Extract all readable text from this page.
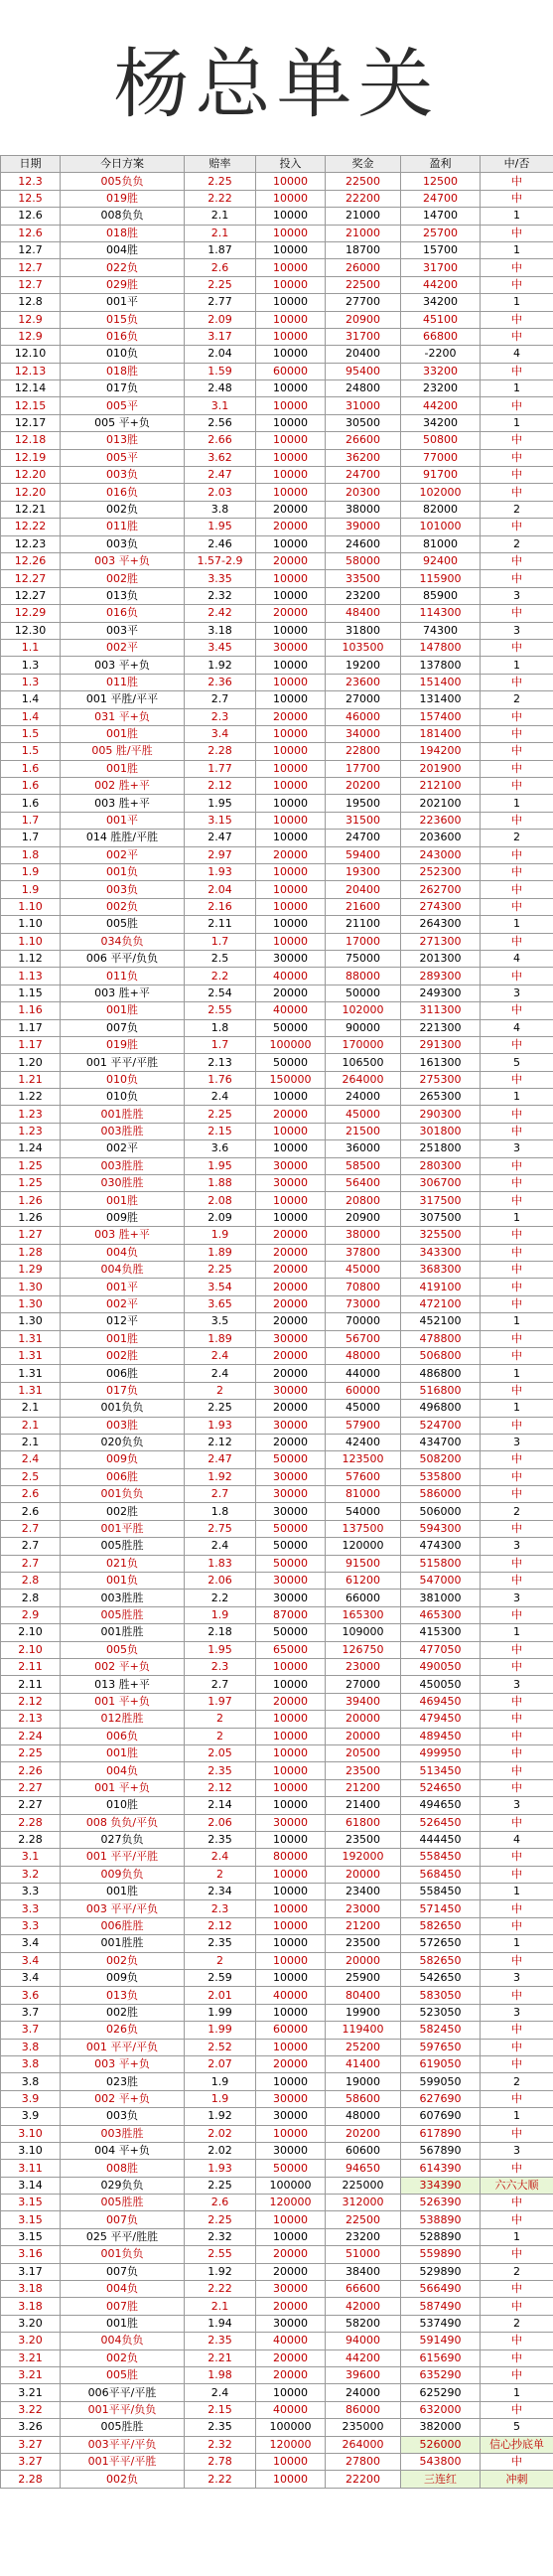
杨总单关
日期	今日方案	赔率	投入	奖金	盈利	中/否
12.3	005负负	2.25	10000	22500	12500	中
12.5	019胜	2.22	10000	22200	24700	中
12.6	008负负	2.1	10000	21000	14700	1
12.6	018胜	2.1	10000	21000	25700	中
12.7	004胜	1.87	10000	18700	15700	1
12.7	022负	2.6	10000	26000	31700	中
12.7	029胜	2.25	10000	22500	44200	中
12.8	001平	2.77	10000	27700	34200	1
12.9	015负	2.09	10000	20900	45100	中
12.9	016负	3.17	10000	31700	66800	中
12.10	010负	2.04	10000	20400	-2200	4
12.13	018胜	1.59	60000	95400	33200	中
12.14	017负	2.48	10000	24800	23200	1
12.15	005平	3.1	10000	31000	44200	中
12.17	005 平+负	2.56	10000	30500	34200	1
12.18	013胜	2.66	10000	26600	50800	中
12.19	005平	3.62	10000	36200	77000	中
12.20	003负	2.47	10000	24700	91700	中
12.20	016负	2.03	10000	20300	102000	中
12.21	002负	3.8	20000	38000	82000	2
12.22	011胜	1.95	20000	39000	101000	中
12.23	003负	2.46	10000	24600	81000	2
12.26	003 平+负	1.57-2.9	20000	58000	92400	中
12.27	002胜	3.35	10000	33500	115900	中
12.27	013负	2.32	10000	23200	85900	3
12.29	016负	2.42	20000	48400	114300	中
12.30	003平	3.18	10000	31800	74300	3
1.1	002平	3.45	30000	103500	147800	中
1.3	003 平+负	1.92	10000	19200	137800	1
1.3	011胜	2.36	10000	23600	151400	中
1.4	001 平胜/平平	2.7	10000	27000	131400	2
1.4	031 平+负	2.3	20000	46000	157400	中
1.5	001胜	3.4	10000	34000	181400	中
1.5	005 胜/平胜	2.28	10000	22800	194200	中
1.6	001胜	1.77	10000	17700	201900	中
1.6	002 胜+平	2.12	10000	20200	212100	中
1.6	003 胜+平	1.95	10000	19500	202100	1
1.7	001平	3.15	10000	31500	223600	中
1.7	014 胜胜/平胜	2.47	10000	24700	203600	2
1.8	002平	2.97	20000	59400	243000	中
1.9	001负	1.93	10000	19300	252300	中
1.9	003负	2.04	10000	20400	262700	中
1.10	002负	2.16	10000	21600	274300	中
1.10	005胜	2.11	10000	21100	264300	1
1.10	034负负	1.7	10000	17000	271300	中
1.12	006 平平/负负	2.5	30000	75000	201300	4
1.13	011负	2.2	40000	88000	289300	中
1.15	003 胜+平	2.54	20000	50000	249300	3
1.16	001胜	2.55	40000	102000	311300	中
1.17	007负	1.8	50000	90000	221300	4
1.17	019胜	1.7	100000	170000	291300	中
1.20	001 平平/平胜	2.13	50000	106500	161300	5
1.21	010负	1.76	150000	264000	275300	中
1.22	010负	2.4	10000	24000	265300	1
1.23	001胜胜	2.25	20000	45000	290300	中
1.23	003胜胜	2.15	10000	21500	301800	中
1.24	002平	3.6	10000	36000	251800	3
1.25	003胜胜	1.95	30000	58500	280300	中
1.25	030胜胜	1.88	30000	56400	306700	中
1.26	001胜	2.08	10000	20800	317500	中
1.26	009胜	2.09	10000	20900	307500	1
1.27	003 胜+平	1.9	20000	38000	325500	中
1.28	004负	1.89	20000	37800	343300	中
1.29	004负胜	2.25	20000	45000	368300	中
1.30	001平	3.54	20000	70800	419100	中
1.30	002平	3.65	20000	73000	472100	中
1.30	012平	3.5	20000	70000	452100	1
1.31	001胜	1.89	30000	56700	478800	中
1.31	002胜	2.4	20000	48000	506800	中
1.31	006胜	2.4	20000	44000	486800	1
1.31	017负	2	30000	60000	516800	中
2.1	001负负	2.25	20000	45000	496800	1
2.1	003胜	1.93	30000	57900	524700	中
2.1	020负负	2.12	20000	42400	434700	3
2.4	009负	2.47	50000	123500	508200	中
2.5	006胜	1.92	30000	57600	535800	中
2.6	001负负	2.7	30000	81000	586000	中
2.6	002胜	1.8	30000	54000	506000	2
2.7	001平胜	2.75	50000	137500	594300	中
2.7	005胜胜	2.4	50000	120000	474300	3
2.7	021负	1.83	50000	91500	515800	中
2.8	001负	2.06	30000	61200	547000	中
2.8	003胜胜	2.2	30000	66000	381000	3
2.9	005胜胜	1.9	87000	165300	465300	中
2.10	001胜胜	2.18	50000	109000	415300	1
2.10	005负	1.95	65000	126750	477050	中
2.11	002 平+负	2.3	10000	23000	490050	中
2.11	013 胜+平	2.7	10000	27000	450050	3
2.12	001 平+负	1.97	20000	39400	469450	中
2.13	012胜胜	2	10000	20000	479450	中
2.24	006负	2	10000	20000	489450	中
2.25	001胜	2.05	10000	20500	499950	中
2.26	004负	2.35	10000	23500	513450	中
2.27	001 平+负	2.12	10000	21200	524650	中
2.27	010胜	2.14	10000	21400	494650	3
2.28	008 负负/平负	2.06	30000	61800	526450	中
2.28	027负负	2.35	10000	23500	444450	4
3.1	001 平平/平胜	2.4	80000	192000	558450	中
3.2	009负负	2	10000	20000	568450	中
3.3	001胜	2.34	10000	23400	558450	1
3.3	003 平平/平负	2.3	10000	23000	571450	中
3.3	006胜胜	2.12	10000	21200	582650	中
3.4	001胜胜	2.35	10000	23500	572650	1
3.4	002负	2	10000	20000	582650	中
3.4	009负	2.59	10000	25900	542650	3
3.6	013负	2.01	40000	80400	583050	中
3.7	002胜	1.99	10000	19900	523050	3
3.7	026负	1.99	60000	119400	582450	中
3.8	001 平平/平负	2.52	10000	25200	597650	中
3.8	003 平+负	2.07	20000	41400	619050	中
3.8	023胜	1.9	10000	19000	599050	2
3.9	002 平+负	1.9	30000	58600	627690	中
3.9	003负	1.92	30000	48000	607690	1
3.10	003胜胜	2.02	10000	20200	617890	中
3.10	004 平+负	2.02	30000	60600	567890	3
3.11	008胜	1.93	50000	94650	614390	中
3.14	029负负	2.25	100000	225000	334390	六六大顺
3.15	005胜胜	2.6	120000	312000	526390	中
3.15	007负	2.25	10000	22500	538890	中
3.15	025 平平/胜胜	2.32	10000	23200	528890	1
3.16	001负负	2.55	20000	51000	559890	中
3.17	007负	1.92	20000	38400	529890	2
3.18	004负	2.22	30000	66600	566490	中
3.18	007胜	2.1	20000	42000	587490	中
3.20	001胜	1.94	30000	58200	537490	2
3.20	004负负	2.35	40000	94000	591490	中
3.21	002负	2.21	20000	44200	615690	中
3.21	005胜	1.98	20000	39600	635290	中
3.21	006平平/平胜	2.4	10000	24000	625290	1
3.22	001平平/负负	2.15	40000	86000	632000	中
3.26	005胜胜	2.35	100000	235000	382000	5
3.27	003平平/平负	2.32	120000	264000	526000	信心抄底单
3.27	001平平/平胜	2.78	10000	27800	543800	中
2.28	002负	2.22	10000	22200	三连红	冲刺
